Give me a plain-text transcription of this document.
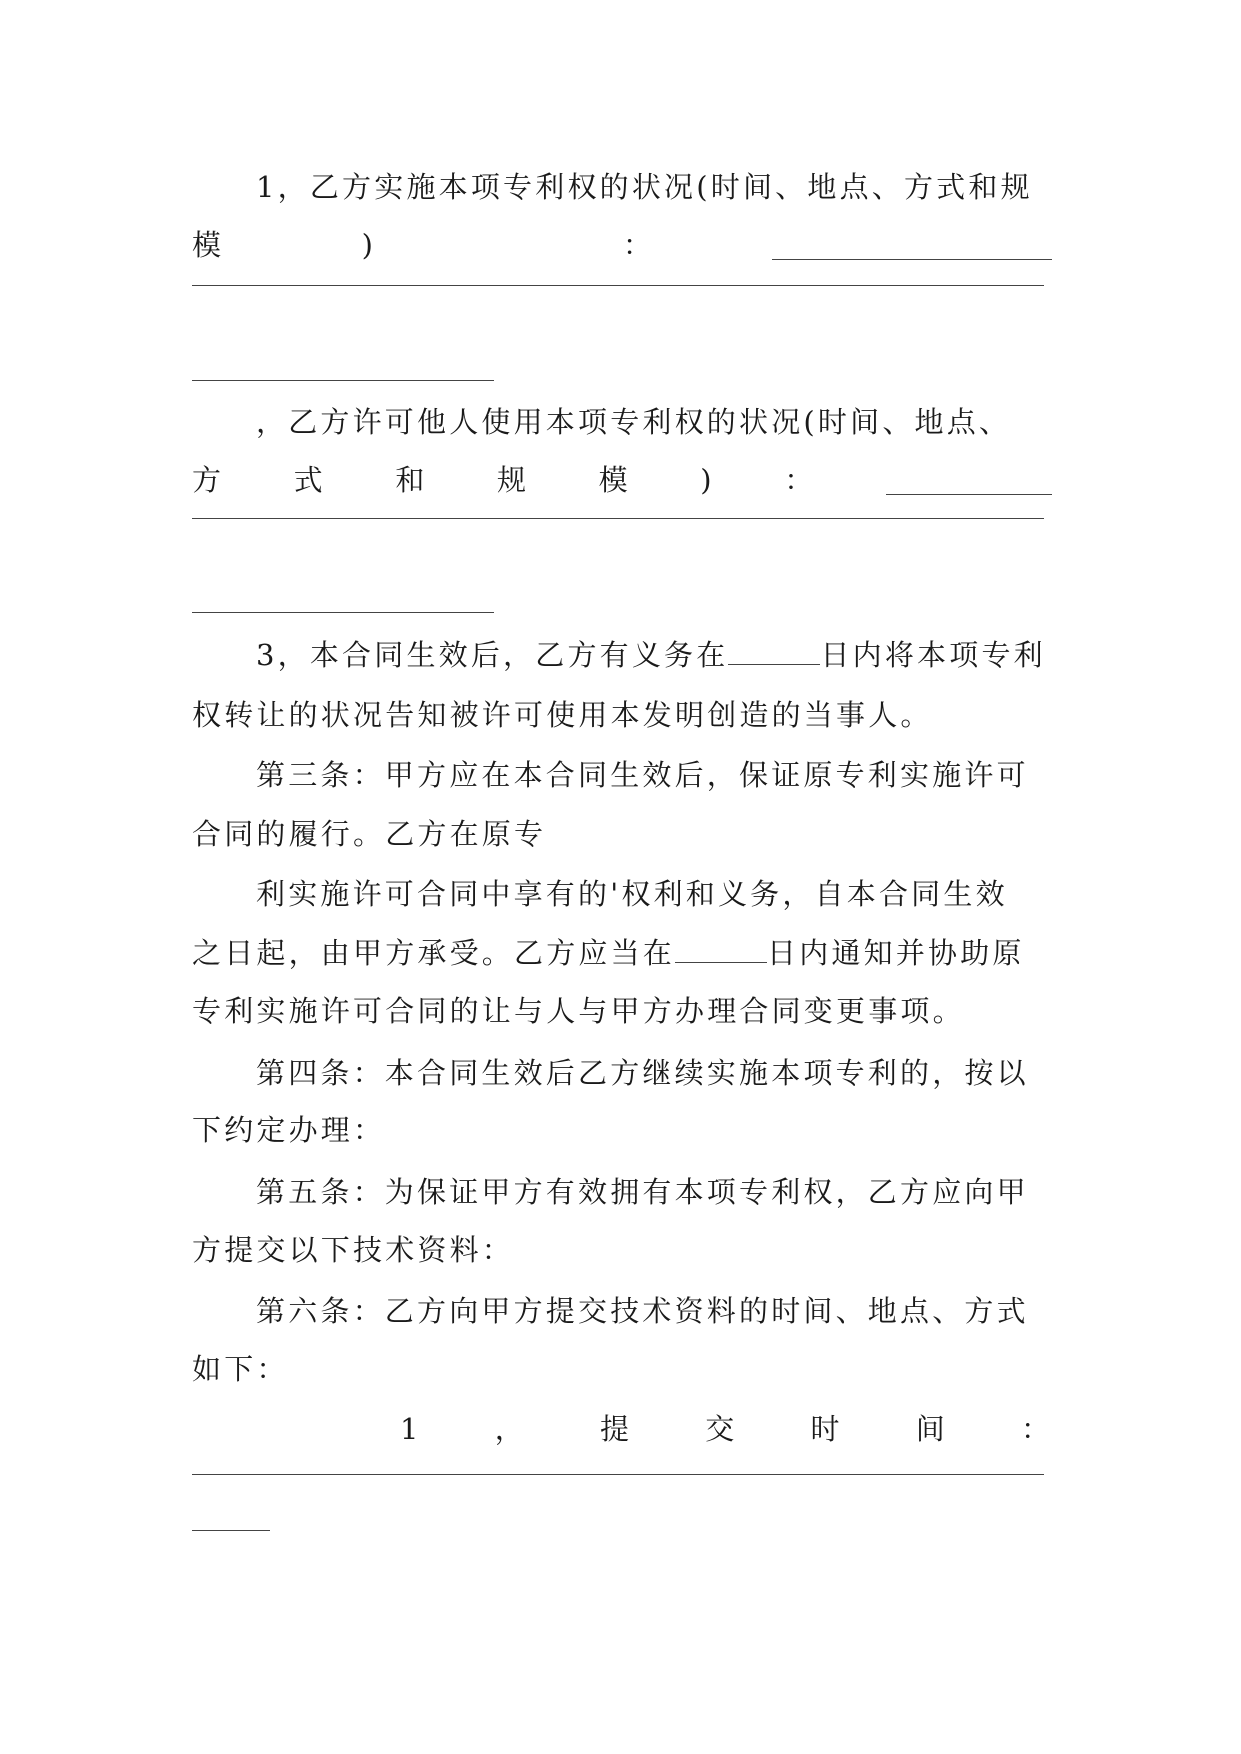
1，乙方实施本项专利权的状况(时间、地点、方式和规
模	)	：
，乙方许可他人使用本项专利权的状况(时间、地点、
方	式	和	规	模	)	：
3，本合同生效后，乙方有义务在	日内将本项专利
权转让的状况告知被许可使用本发明创造的当事人。
第三条：甲方应在本合同生效后，保证原专利实施许可
合同的履行。乙方在原专
利实施许可合同中享有的'权利和义务，自本合同生效
之日起，由甲方承受。乙方应当在	日内通知并协助原
专利实施许可合同的让与人与甲方办理合同变更事项。
第四条：本合同生效后乙方继续实施本项专利的，按以
下约定办理：
第五条：为保证甲方有效拥有本项专利权，乙方应向甲
方提交以下技术资料：
第六条：乙方向甲方提交技术资料的时间、地点、方式
如下：
1	，	提	交	时	间	：
